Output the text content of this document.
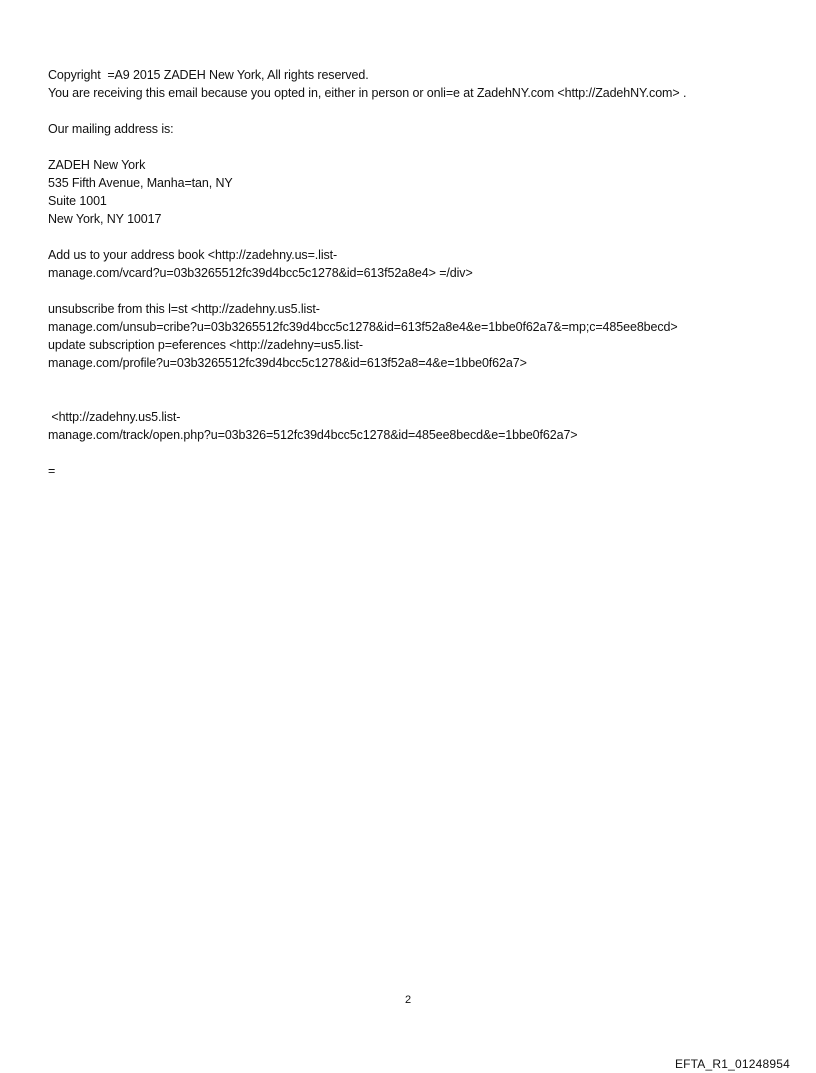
Copyright  =A9 2015 ZADEH New York, All rights reserved.
You are receiving this email because you opted in, either in person or onli=e at ZadehNY.com <http://ZadehNY.com> .
Our mailing address is:
ZADEH New York
535 Fifth Avenue, Manha=tan, NY
Suite 1001
New York, NY 10017
Add us to your address book <http://zadehny.us=.list-
manage.com/vcard?u=03b3265512fc39d4bcc5c1278&id=613f52a8e4> =/div>
unsubscribe from this l=st <http://zadehny.us5.list-
manage.com/unsub=cribe?u=03b3265512fc39d4bcc5c1278&id=613f52a8e4&e=1bbe0f62a7&=mp;c=485ee8becd>
update subscription p=eferences <http://zadehny=us5.list-
manage.com/profile?u=03b3265512fc39d4bcc5c1278&id=613f52a8=4&e=1bbe0f62a7>
<http://zadehny.us5.list-
manage.com/track/open.php?u=03b326=512fc39d4bcc5c1278&id=485ee8becd&e=1bbe0f62a7>
=
2
EFTA_R1_01248954
